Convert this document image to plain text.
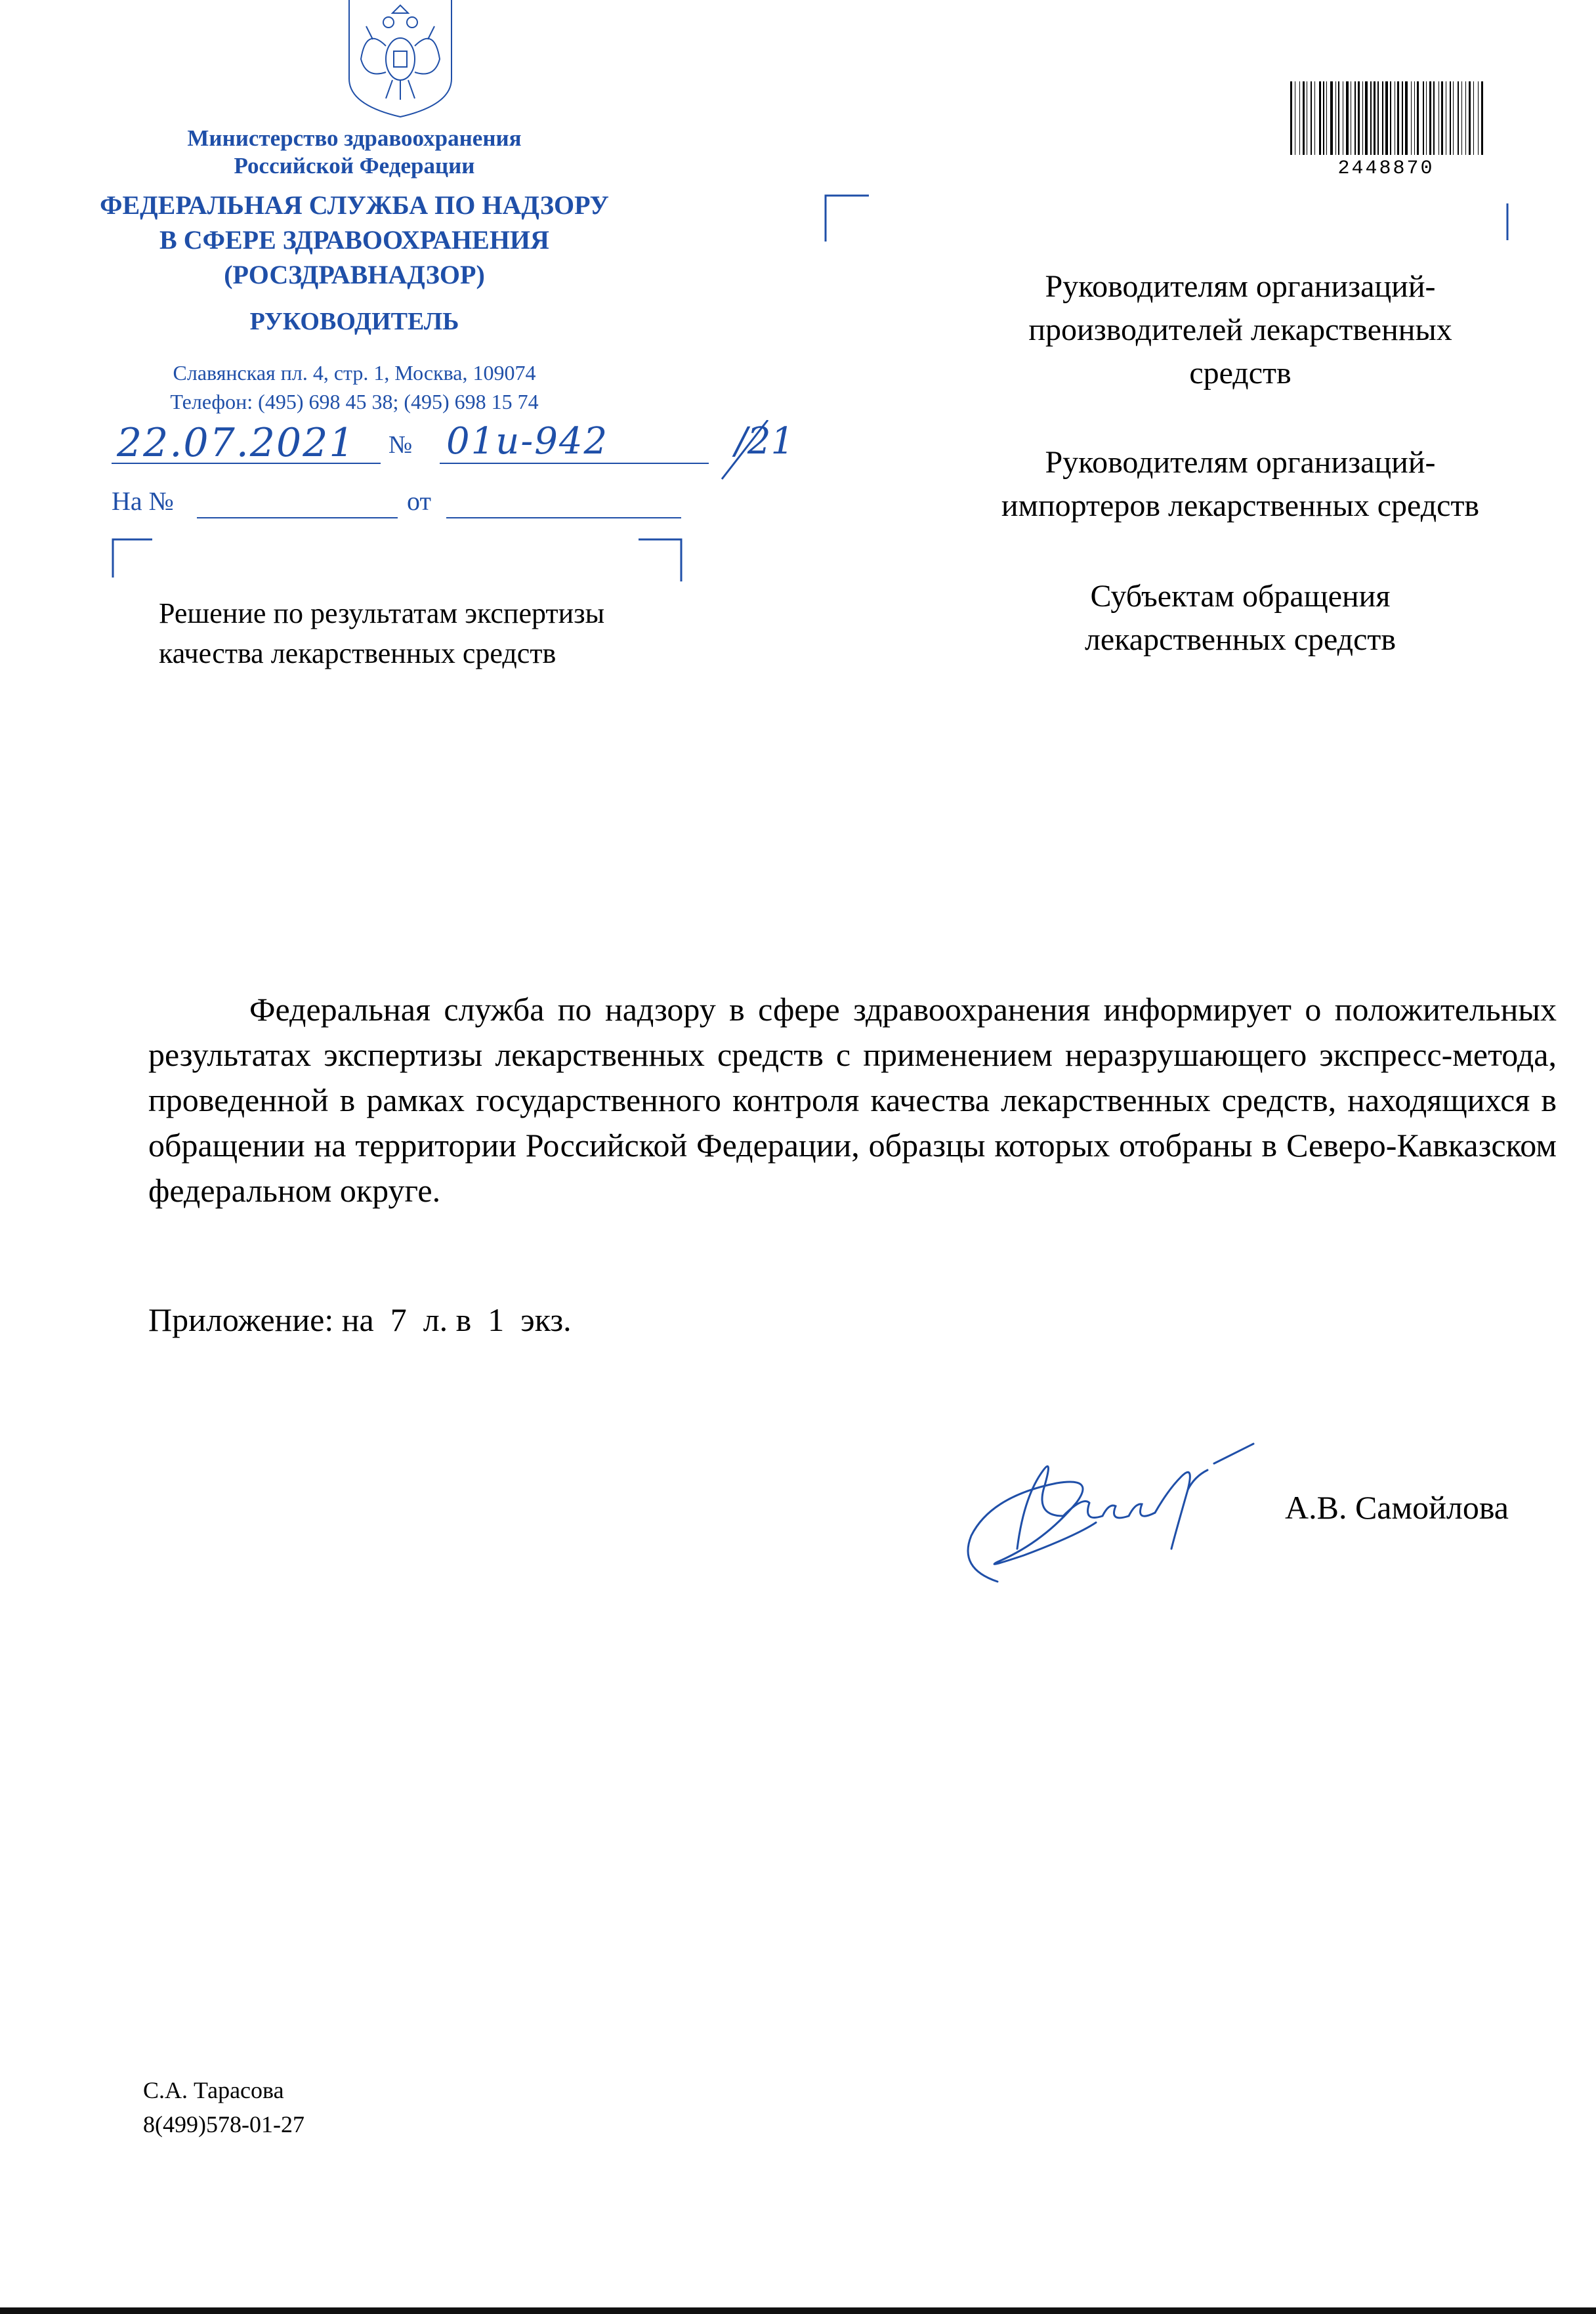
Министерство здравоохранения
Российской Федерации
ФЕДЕРАЛЬНАЯ СЛУЖБА ПО НАДЗОРУ
В СФЕРЕ ЗДРАВООХРАНЕНИЯ
(РОСЗДРАВНАДЗОР)
РУКОВОДИТЕЛЬ
Славянская пл. 4, стр. 1, Москва, 109074
Телефон: (495) 698 45 38; (495) 698 15 74
22.07.2021	№ 01и-942	/21
На №	от
Решение по результатам экспертизы
качества лекарственных средств
2448870
Руководителям организаций-
производителей лекарственных
средств
Руководителям организаций-
импортеров лекарственных средств
Субъектам обращения
лекарственных средств
Федеральная служба по надзору в сфере здравоохранения информирует о положительных результатах экспертизы лекарственных средств с применением неразрушающего экспресс-метода, проведенной в рамках государственного контроля качества лекарственных средств, находящихся в обращении на территории Российской Федерации, образцы которых отобраны в Северо-Кавказском федеральном округе.
Приложение: на  7  л. в  1  экз.
А.В. Самойлова
С.А. Тарасова
8(499)578-01-27
